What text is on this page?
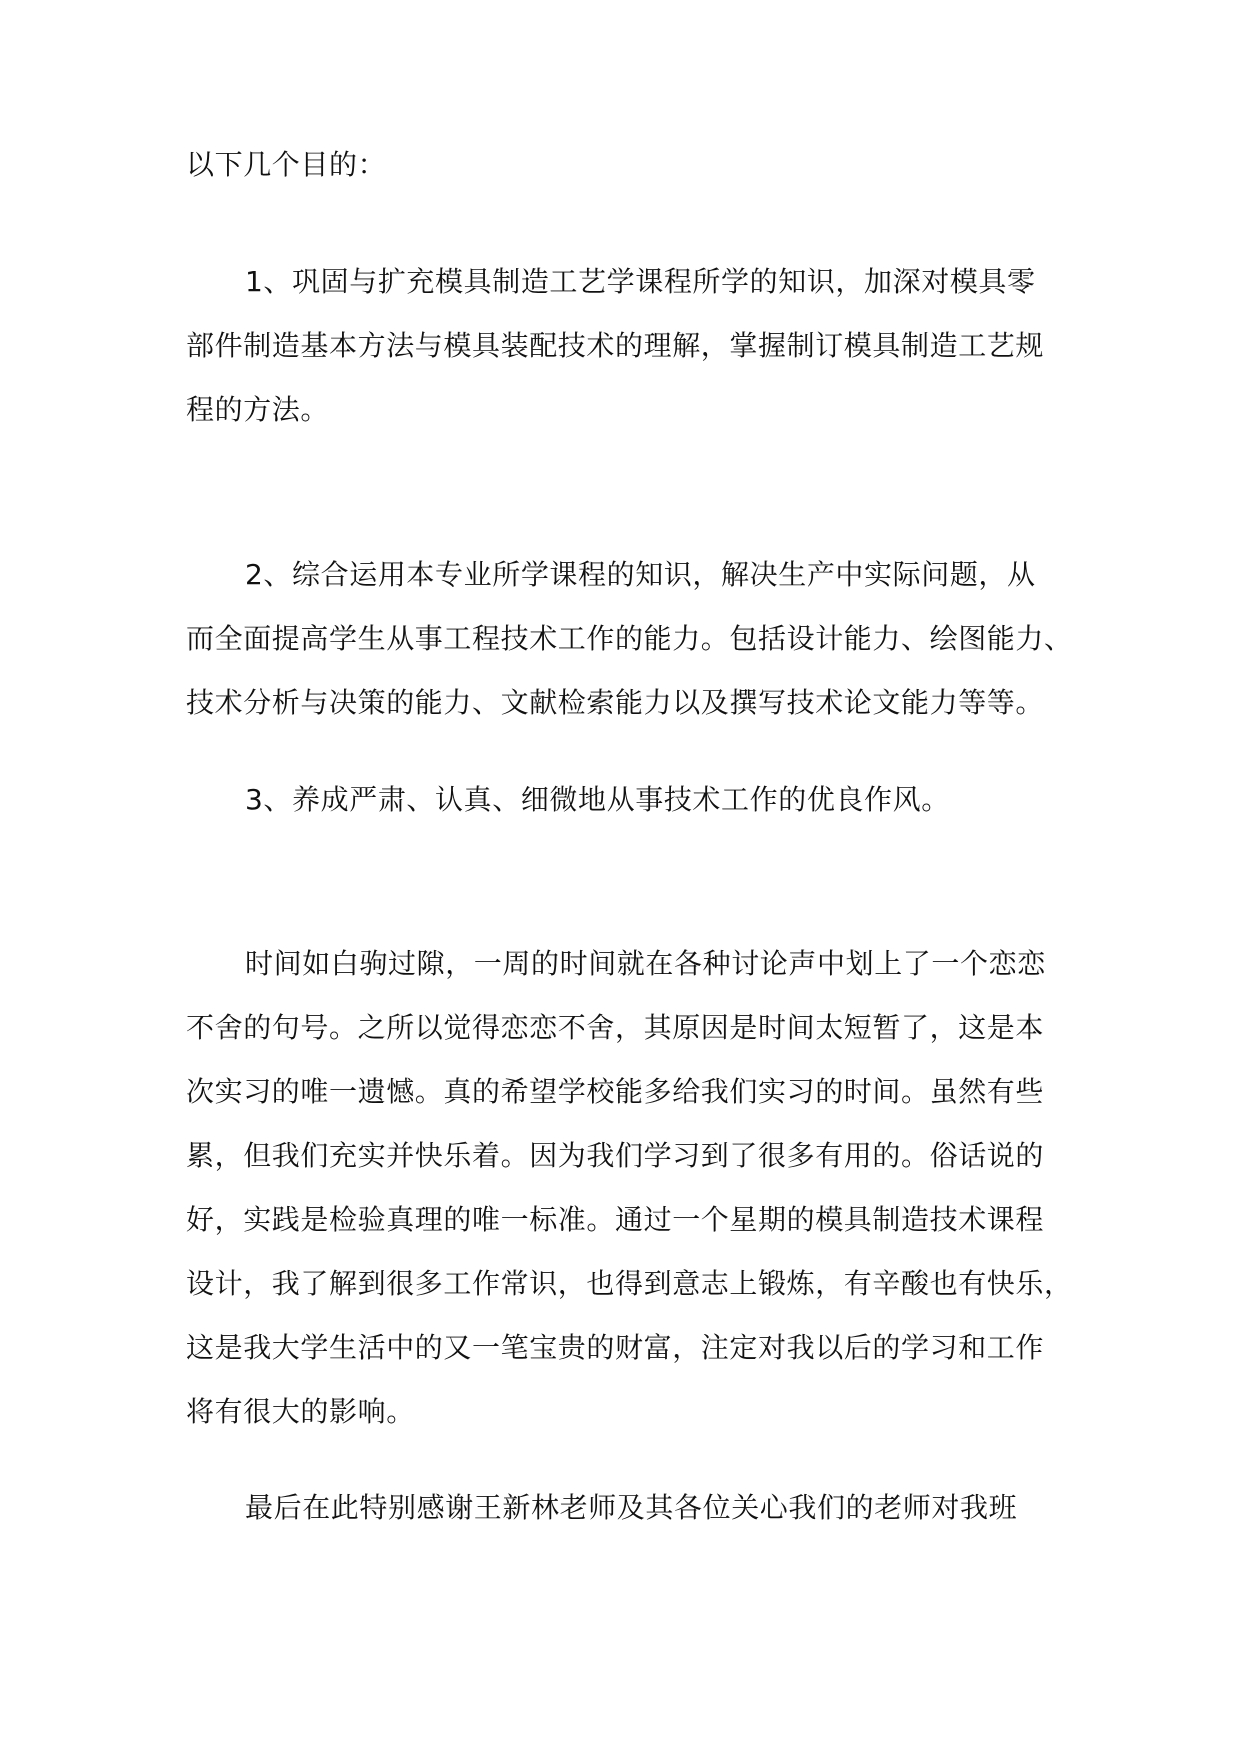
以下几个目的：

1、巩固与扩充模具制造工艺学课程所学的知识，加深对模具零
部件制造基本方法与模具装配技术的理解，掌握制订模具制造工艺规
程的方法。

2、综合运用本专业所学课程的知识，解决生产中实际问题，从
而全面提高学生从事工程技术工作的能力。包括设计能力、绘图能力、
技术分析与决策的能力、文献检索能力以及撰写技术论文能力等等。

3、养成严肃、认真、细微地从事技术工作的优良作风。

时间如白驹过隙，一周的时间就在各种讨论声中划上了一个恋恋
不舍的句号。之所以觉得恋恋不舍，其原因是时间太短暂了，这是本
次实习的唯一遗憾。真的希望学校能多给我们实习的时间。虽然有些
累，但我们充实并快乐着。因为我们学习到了很多有用的。俗话说的
好，实践是检验真理的唯一标准。通过一个星期的模具制造技术课程
设计，我了解到很多工作常识，也得到意志上锻炼，有辛酸也有快乐，
这是我大学生活中的又一笔宝贵的财富，注定对我以后的学习和工作
将有很大的影响。

最后在此特别感谢王新林老师及其各位关心我们的老师对我班
